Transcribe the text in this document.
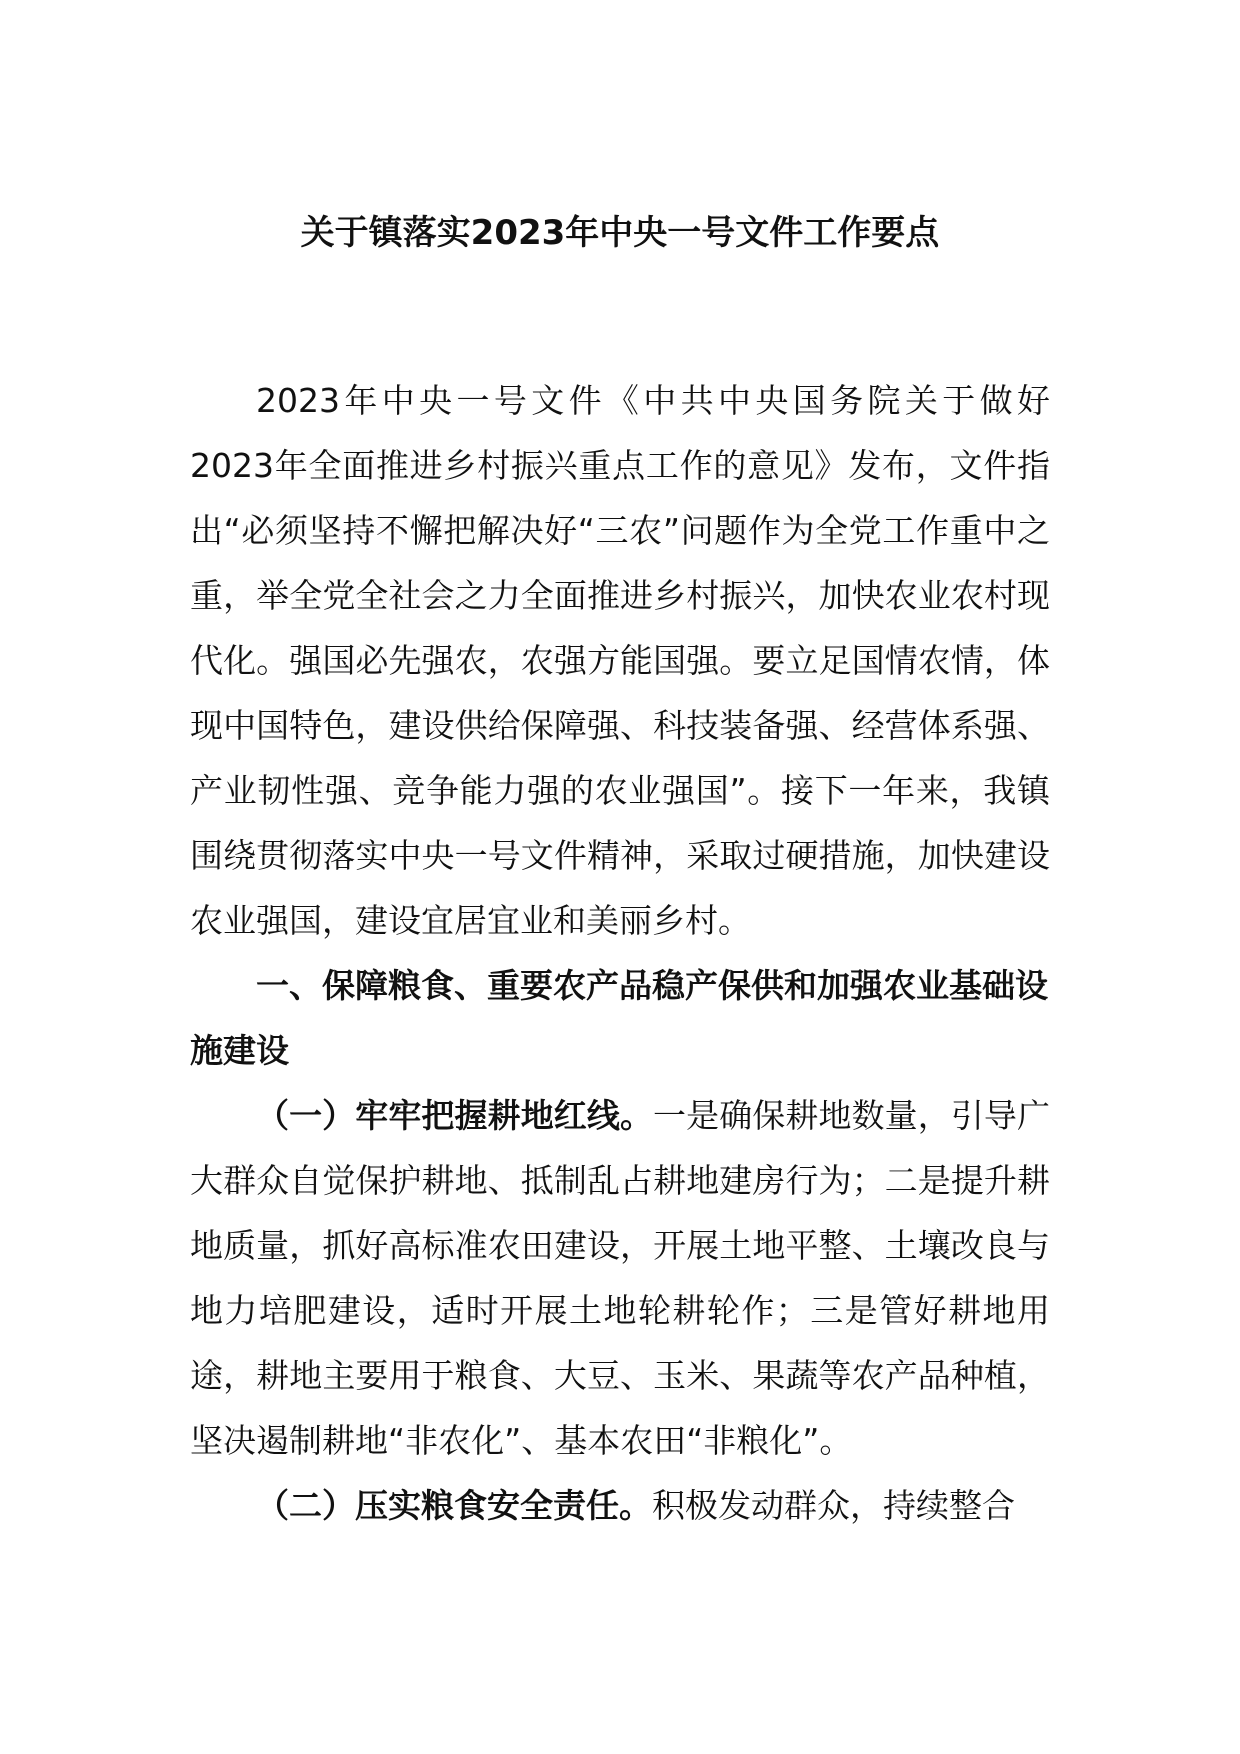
关于镇落实2023年中央一号文件工作要点

2023年中央一号文件《中共中央国务院关于做好2023年全面推进乡村振兴重点工作的意见》发布，文件指出“必须坚持不懈把解决好“三农”问题作为全党工作重中之重，举全党全社会之力全面推进乡村振兴，加快农业农村现代化。强国必先强农，农强方能国强。要立足国情农情，体现中国特色，建设供给保障强、科技装备强、经营体系强、产业韧性强、竞争能力强的农业强国”。接下一年来，我镇围绕贯彻落实中央一号文件精神，采取过硬措施，加快建设农业强国，建设宜居宜业和美丽乡村。

一、保障粮食、重要农产品稳产保供和加强农业基础设施建设

（一）牢牢把握耕地红线。一是确保耕地数量，引导广大群众自觉保护耕地、抵制乱占耕地建房行为；二是提升耕地质量，抓好高标准农田建设，开展土地平整、土壤改良与地力培肥建设，适时开展土地轮耕轮作；三是管好耕地用途，耕地主要用于粮食、大豆、玉米、果蔬等农产品种植，坚决遏制耕地“非农化”、基本农田“非粮化”。

（二）压实粮食安全责任。积极发动群众，持续整合
